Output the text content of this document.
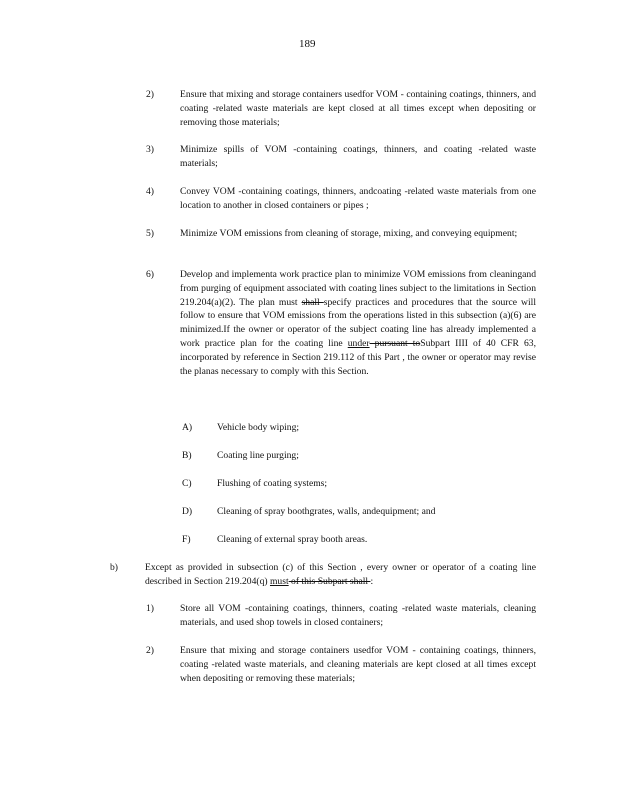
189
2)	Ensure that mixing and storage containers usedfor VOM - containing coatings, thinners, and coating -related waste materials are kept closed at all times except when depositing or removing those materials;
3)	Minimize spills of VOM -containing coatings, thinners, and coating -related waste materials;
4)	Convey VOM -containing coatings, thinners, andcoating -related waste materials from one location to another in closed containers or pipes ;
5)	Minimize VOM emissions from cleaning of storage, mixing, and conveying equipment;
6)	Develop and implementa work practice plan to minimize VOM emissions from cleaningand from purging of equipment associated with coating lines subject to the limitations in Section 219.204(a)(2). The plan must shall specify practices and procedures that the source will follow to ensure that VOM emissions from the operations listed in this subsection (a)(6) are minimized.If the owner or operator of the subject coating line has already implemented a work practice plan for the coating line under pursuant toSubpart IIII of 40 CFR 63, incorporated by reference in Section 219.112 of this Part , the owner or operator may revise the planas necessary to comply with this Section.
A)	Vehicle body wiping;
B)	Coating line purging;
C)	Flushing of coating systems;
D)	Cleaning of spray boothgrates, walls, andequipment; and
F)	Cleaning of external spray booth areas.
b)	Except as provided in subsection (c) of this Section , every owner or operator of a coating line described in Section 219.204(q) must of this Subpart shall :
1)	Store all VOM -containing coatings, thinners, coating -related waste materials, cleaning materials, and used shop towels in closed containers;
2)	Ensure that mixing and storage containers usedfor VOM - containing coatings, thinners, coating -related waste materials, and cleaning materials are kept closed at all times except when depositing or removing these materials;
